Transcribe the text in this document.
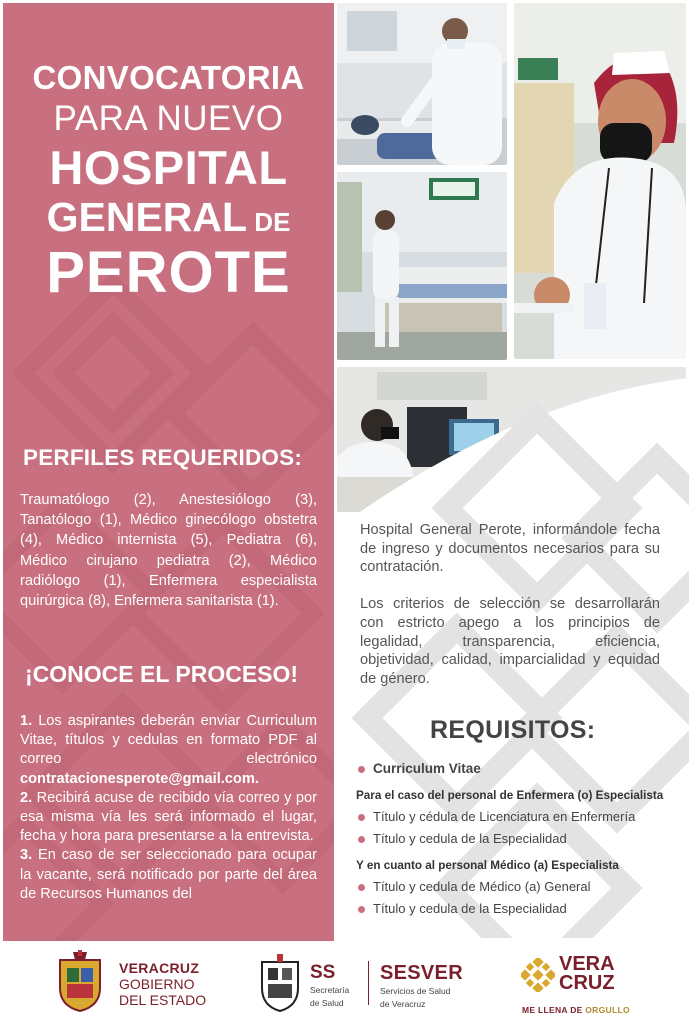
CONVOCATORIA
PARA NUEVO
HOSPITAL
GENERAL DE
PEROTE
PERFILES REQUERIDOS:
Traumatólogo (2), Anestesiólogo (3), Tanatólogo (1), Médico ginecólogo obstetra (4), Médico internista (5), Pediatra (6), Médico cirujano pediatra (2), Médico radiólogo (1), Enfermera especialista quirúrgica (8), Enfermera sanitarista (1).
¡CONOCE EL PROCESO!
1. Los aspirantes deberán enviar Curriculum Vitae, títulos y cedulas en formato PDF al correo electrónico contratacionesperote@gmail.com.
2. Recibirá acuse de recibido vía correo y por esa misma vía les será informado el lugar, fecha y hora para presentarse a la entrevista.
3. En caso de ser seleccionado para ocupar la vacante, será notificado por parte del área de Recursos Humanos del

Hospital General Perote, informándole fecha de ingreso y documentos necesarios para su contratación.

Los criterios de selección se desarrollarán con estricto apego a los principios de legalidad, transparencia, eficiencia, objetividad, calidad, imparcialidad y equidad de género.

REQUISITOS:
Curriculum Vitae
Para el caso del personal de Enfermera (o) Especialista
Título y cédula de Licenciatura en Enfermería
Título y cedula de la Especialidad
Y en cuanto al personal Médico (a) Especialista
Título y cedula de Médico (a) General
Título y cedula de la Especialidad
VERACRUZ
GOBIERNO
DEL ESTADO
SS
Secretaría
de Salud
SESVER
Servicios de Salud
de Veracruz
VERA
CRUZ
ME LLENA DE ORGULLO
